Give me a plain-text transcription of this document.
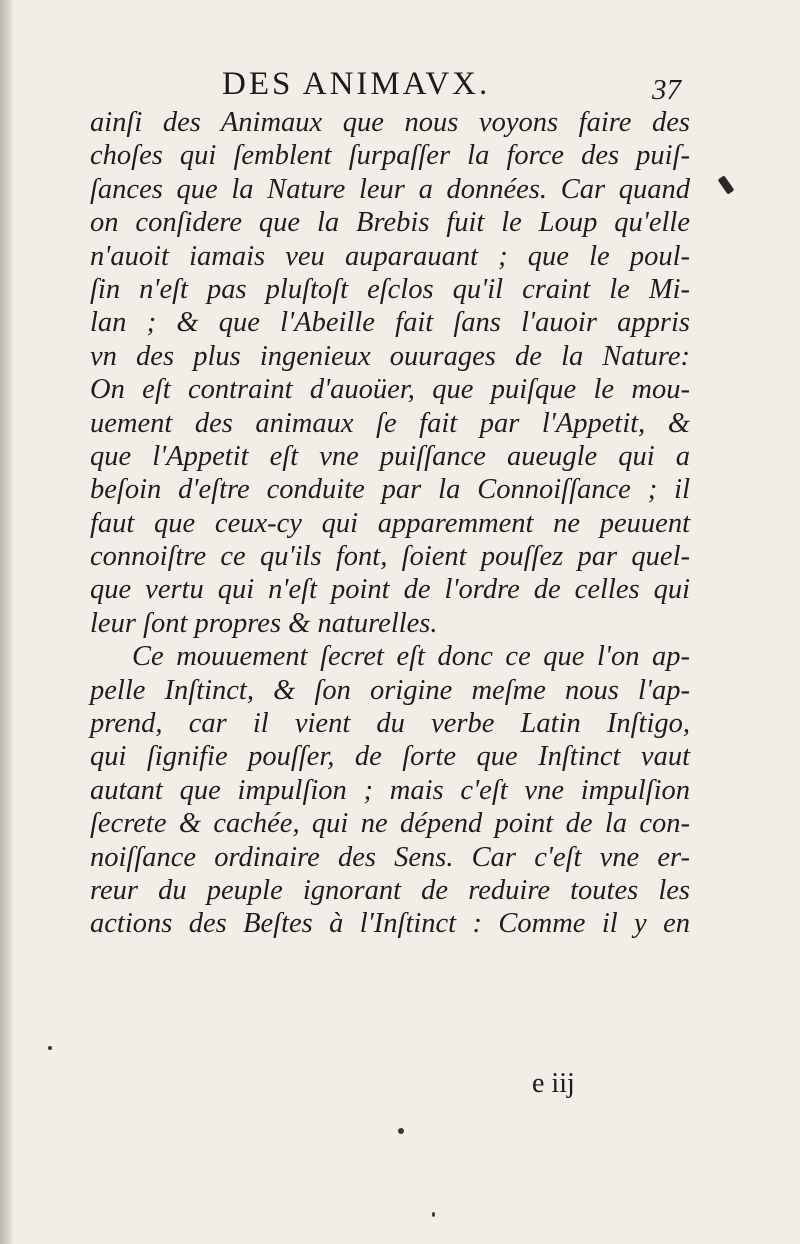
DES ANIMAVX.	37
ainſi des Animaux que nous voyons faire des
choſes qui ſemblent ſurpaſſer la force des puiſ-
ſances que la Nature leur a données. Car quand
on conſidere que la Brebis fuit le Loup qu'elle
n'auoit iamais veu auparauant ; que le poul-
ſin n'eſt pas pluſtoſt eſclos qu'il craint le Mi-
lan ; & que l'Abeille fait ſans l'auoir appris
vn des plus ingenieux ouurages de la Nature:
On eſt contraint d'auoüer, que puiſque le mou-
uement des animaux ſe fait par l'Appetit, &
que l'Appetit eſt vne puiſſance aueugle qui a
beſoin d'eſtre conduite par la Connoiſſance ; il
faut que ceux-cy qui apparemment ne peuuent
connoiſtre ce qu'ils font, ſoient pouſſez par quel-
que vertu qui n'eſt point de l'ordre de celles qui
leur ſont propres & naturelles.
Ce mouuement ſecret eſt donc ce que l'on ap-
pelle Inſtinct, & ſon origine meſme nous l'ap-
prend, car il vient du verbe Latin Inſtigo,
qui ſignifie pouſſer, de ſorte que Inſtinct vaut
autant que impulſion ; mais c'eſt vne impulſion
ſecrete & cachée, qui ne dépend point de la con-
noiſſance ordinaire des Sens. Car c'eſt vne er-
reur du peuple ignorant de reduire toutes les
actions des Beſtes à l'Inſtinct : Comme il y en
e iij
